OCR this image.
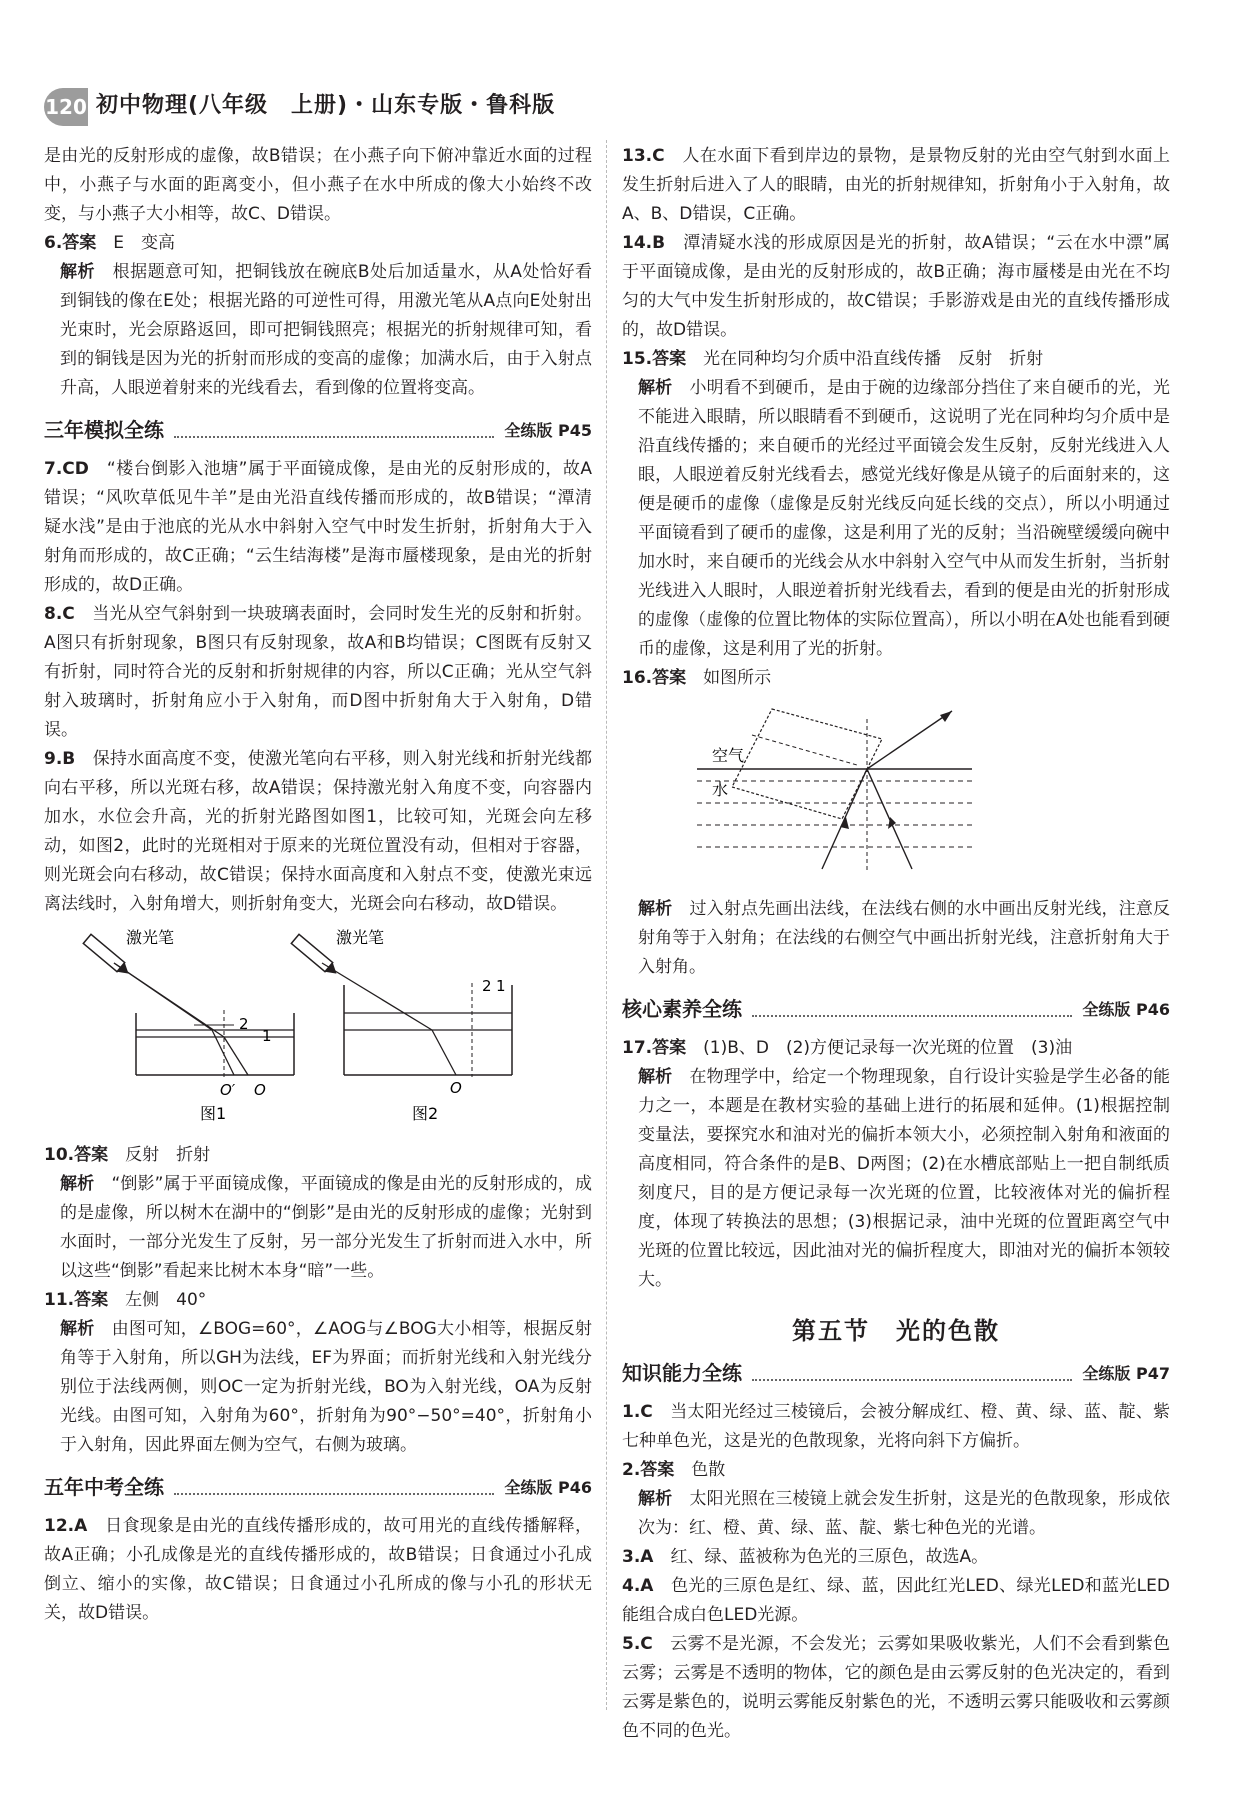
120 初中物理(八年级　上册)・山东专版・鲁科版

是由光的反射形成的虚像，故B错误；在小燕子向下俯冲靠近水面的过程中，小燕子与水面的距离变小，但小燕子在水中所成的像大小始终不改变，与小燕子大小相等，故C、D错误。

6.答案　 E　变高

解析　 根据题意可知，把铜钱放在碗底B处后加适量水，从A处恰好看到铜钱的像在E处；根据光路的可逆性可得，用激光笔从A点向E处射出光束时，光会原路返回，即可把铜钱照亮；根据光的折射规律可知，看到的铜钱是因为光的折射而形成的变高的虚像；加满水后，由于入射点升高，人眼逆着射来的光线看去，看到像的位置将变高。

三年模拟全练	全练版 P45

7.CD　 “楼台倒影入池塘”属于平面镜成像，是由光的反射形成的，故A错误；“风吹草低见牛羊”是由光沿直线传播而形成的，故B错误；“潭清疑水浅”是由于池底的光从水中斜射入空气中时发生折射，折射角大于入射角而形成的，故C正确；“云生结海楼”是海市蜃楼现象，是由光的折射形成的，故D正确。

8.C　 当光从空气斜射到一块玻璃表面时，会同时发生光的反射和折射。A图只有折射现象，B图只有反射现象，故A和B均错误；C图既有反射又有折射，同时符合光的反射和折射规律的内容，所以C正确；光从空气斜射入玻璃时，折射角应小于入射角，而D图中折射角大于入射角，D错误。

9.B　 保持水面高度不变，使激光笔向右平移，则入射光线和折射光线都向右平移，所以光斑右移，故A错误；保持激光射入角度不变，向容器内加水，水位会升高，光的折射光路图如图1，比较可知，光斑会向左移动，如图2，此时的光斑相对于原来的光斑位置没有动，但相对于容器，则光斑会向右移动，故C错误；保持水面高度和入射点不变，使激光束远离法线时，入射角增大，则折射角变大，光斑会向右移动，故D错误。

激光笔
2
1
O′ O
图1
激光笔
2 1
O
图2

10.答案　 反射　折射

解析　 “倒影”属于平面镜成像，平面镜成的像是由光的反射形成的，成的是虚像，所以树木在湖中的“倒影”是由光的反射形成的虚像；光射到水面时，一部分光发生了反射，另一部分光发生了折射而进入水中，所以这些“倒影”看起来比树木本身“暗”一些。

11.答案　 左侧　40°

解析　 由图可知，∠BOG=60°，∠AOG与∠BOG大小相等，根据反射角等于入射角，所以GH为法线，EF为界面；而折射光线和入射光线分别位于法线两侧，则OC一定为折射光线，BO为入射光线，OA为反射光线。由图可知，入射角为60°，折射角为90°−50°=40°，折射角小于入射角，因此界面左侧为空气，右侧为玻璃。

五年中考全练	全练版 P46

12.A　 日食现象是由光的直线传播形成的，故可用光的直线传播解释，故A正确；小孔成像是光的直线传播形成的，故B错误；日食通过小孔成倒立、缩小的实像，故C错误；日食通过小孔所成的像与小孔的形状无关，故D错误。

13.C　 人在水面下看到岸边的景物，是景物反射的光由空气射到水面上发生折射后进入了人的眼睛，由光的折射规律知，折射角小于入射角，故A、B、D错误，C正确。

14.B　 潭清疑水浅的形成原因是光的折射，故A错误；“云在水中漂”属于平面镜成像，是由光的反射形成的，故B正确；海市蜃楼是由光在不均匀的大气中发生折射形成的，故C错误；手影游戏是由光的直线传播形成的，故D错误。

15.答案　 光在同种均匀介质中沿直线传播　反射　折射

解析　 小明看不到硬币，是由于碗的边缘部分挡住了来自硬币的光，光不能进入眼睛，所以眼睛看不到硬币，这说明了光在同种均匀介质中是沿直线传播的；来自硬币的光经过平面镜会发生反射，反射光线进入人眼，人眼逆着反射光线看去，感觉光线好像是从镜子的后面射来的，这便是硬币的虚像（虚像是反射光线反向延长线的交点），所以小明通过平面镜看到了硬币的虚像，这是利用了光的反射；当沿碗壁缓缓向碗中加水时，来自硬币的光线会从水中斜射入空气中从而发生折射，当折射光线进入人眼时，人眼逆着折射光线看去，看到的便是由光的折射形成的虚像（虚像的位置比物体的实际位置高），所以小明在A处也能看到硬币的虚像，这是利用了光的折射。

16.答案　 如图所示

空气
水

解析　 过入射点先画出法线，在法线右侧的水中画出反射光线，注意反射角等于入射角；在法线的右侧空气中画出折射光线，注意折射角大于入射角。

核心素养全练	全练版 P46

17.答案　 (1)B、D　(2)方便记录每一次光斑的位置　(3)油

解析　 在物理学中，给定一个物理现象，自行设计实验是学生必备的能力之一，本题是在教材实验的基础上进行的拓展和延伸。(1)根据控制变量法，要探究水和油对光的偏折本领大小，必须控制入射角和液面的高度相同，符合条件的是B、D两图；(2)在水槽底部贴上一把自制纸质刻度尺，目的是方便记录每一次光斑的位置，比较液体对光的偏折程度，体现了转换法的思想；(3)根据记录，油中光斑的位置距离空气中光斑的位置比较远，因此油对光的偏折程度大，即油对光的偏折本领较大。

第五节　光的色散
知识能力全练	全练版 P47

1.C　 当太阳光经过三棱镜后，会被分解成红、橙、黄、绿、蓝、靛、紫七种单色光，这是光的色散现象，光将向斜下方偏折。

2.答案　 色散

解析　 太阳光照在三棱镜上就会发生折射，这是光的色散现象，形成依次为：红、橙、黄、绿、蓝、靛、紫七种色光的光谱。

3.A　 红、绿、蓝被称为色光的三原色，故选A。

4.A　 色光的三原色是红、绿、蓝，因此红光LED、绿光LED和蓝光LED能组合成白色LED光源。

5.C　 云雾不是光源，不会发光；云雾如果吸收紫光，人们不会看到紫色云雾；云雾是不透明的物体，它的颜色是由云雾反射的色光决定的，看到云雾是紫色的，说明云雾能反射紫色的光，不透明云雾只能吸收和云雾颜色不同的色光。
